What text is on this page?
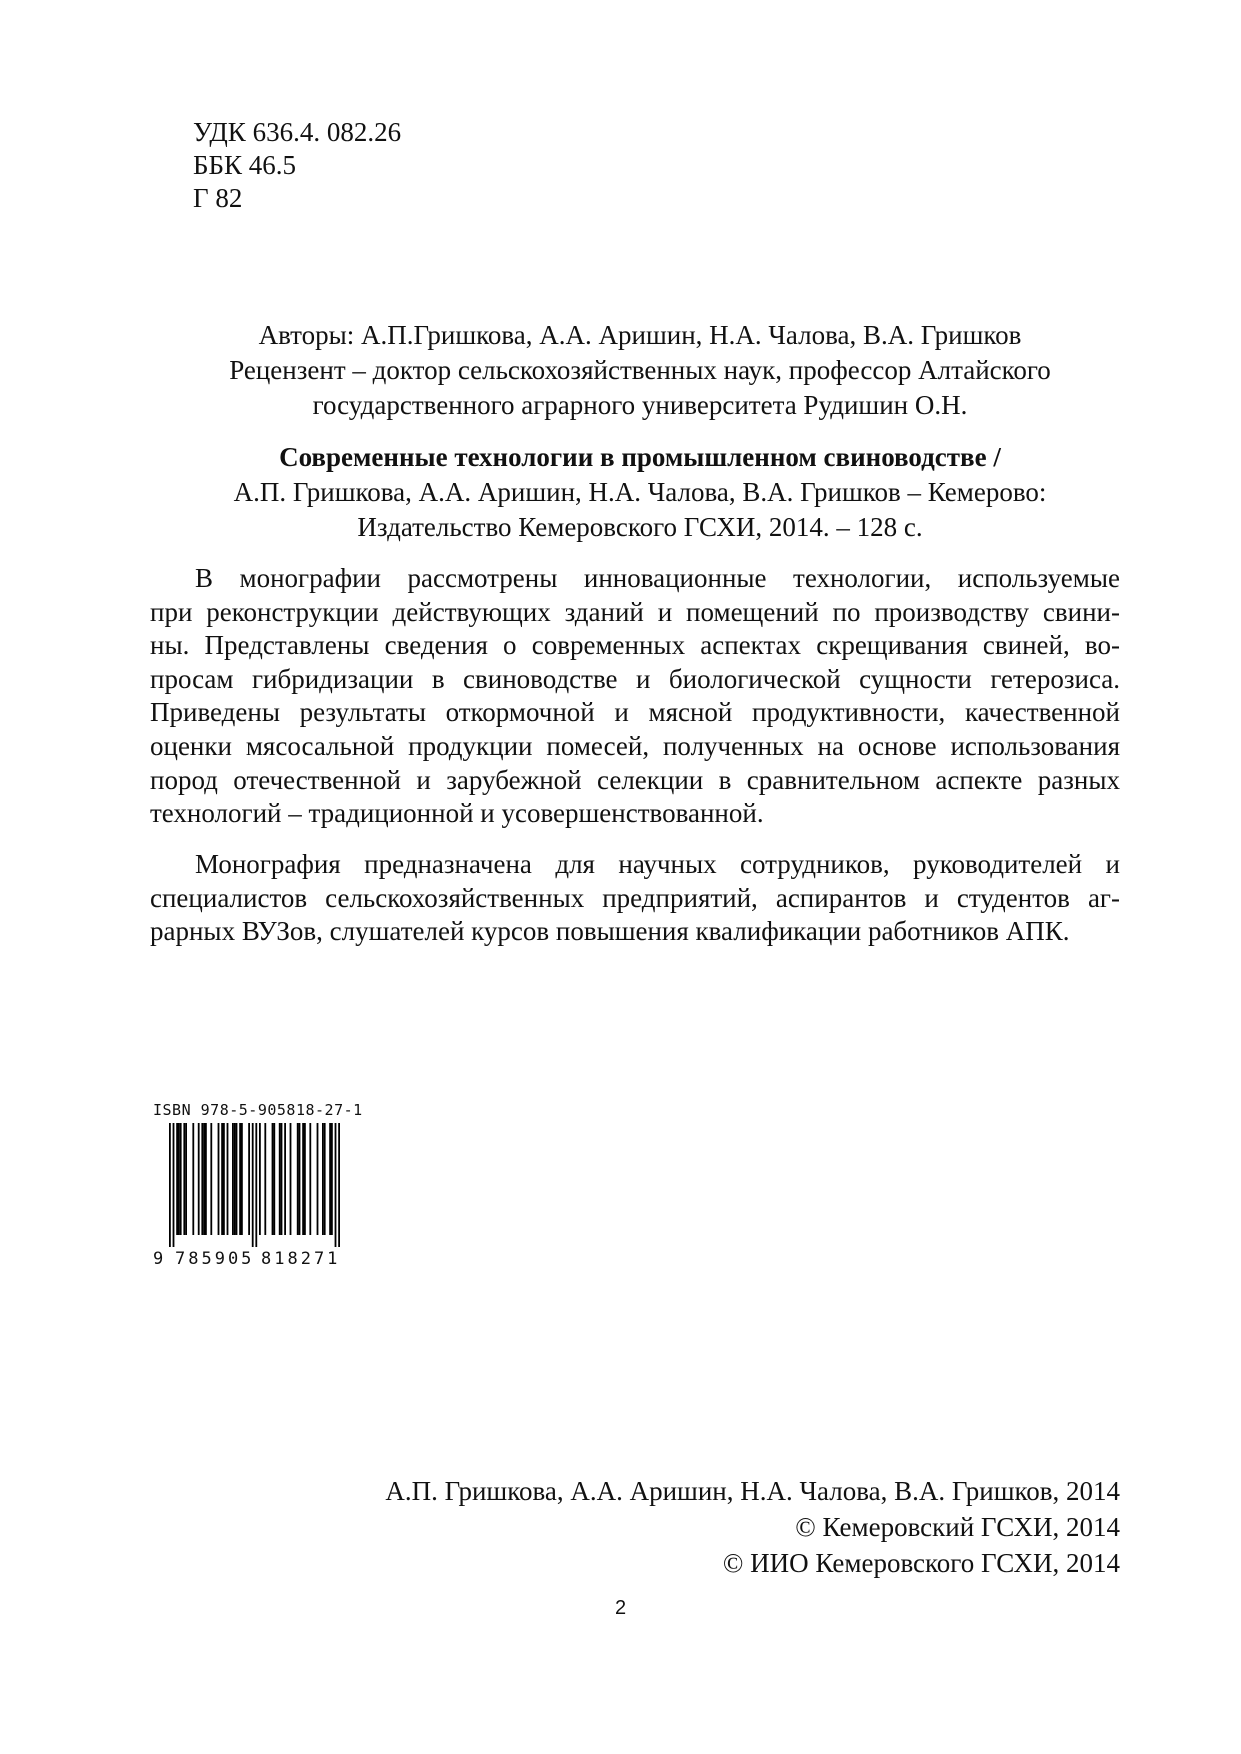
УДК 636.4. 082.26
ББК 46.5
Г 82
Авторы: А.П.Гришкова, А.А. Аришин, Н.А. Чалова, В.А. Гришков
Рецензент – доктор сельскохозяйственных наук, профессор Алтайского
государственного аграрного университета Рудишин О.Н.
Современные технологии в промышленном свиноводстве /
А.П. Гришкова, А.А. Аришин, Н.А. Чалова, В.А. Гришков – Кемерово:
Издательство Кемеровского ГСХИ, 2014. – 128 с.
В монографии рассмотрены инновационные технологии, используемые
при реконструкции действующих зданий и помещений по производству свини-
ны. Представлены сведения о современных аспектах скрещивания свиней, во-
просам гибридизации в свиноводстве и биологической сущности гетерозиса.
Приведены результаты откормочной и мясной продуктивности, качественной
оценки мясосальной продукции помесей, полученных на основе использования
пород отечественной и зарубежной селекции в сравнительном аспекте разных
технологий – традиционной и усовершенствованной.
Монография предназначена для научных сотрудников, руководителей и
специалистов сельскохозяйственных предприятий, аспирантов и студентов аг-
рарных ВУЗов, слушателей курсов повышения квалификации работников АПК.
ISBN 978-5-905818-27-1
9 785905 818271
А.П. Гришкова, А.А. Аришин, Н.А. Чалова, В.А. Гришков, 2014
© Кемеровский ГСХИ, 2014
© ИИО Кемеровского ГСХИ, 2014
2
